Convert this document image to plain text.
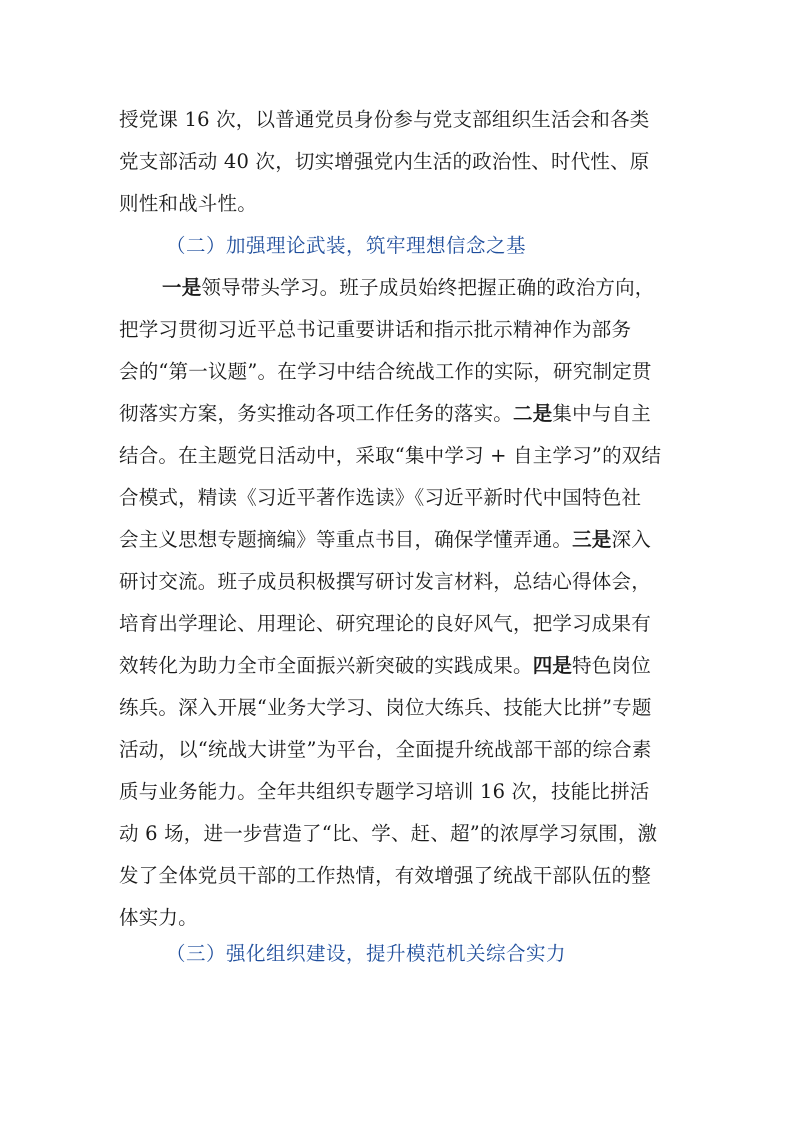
授党课 16 次，以普通党员身份参与党支部组织生活会和各类
党支部活动 40 次，切实增强党内生活的政治性、时代性、原
则性和战斗性。
（二）加强理论武装，筑牢理想信念之基
一是领导带头学习。班子成员始终把握正确的政治方向，
把学习贯彻习近平总书记重要讲话和指示批示精神作为部务
会的“第一议题”。在学习中结合统战工作的实际，研究制定贯
彻落实方案，务实推动各项工作任务的落实。二是集中与自主
结合。在主题党日活动中，采取“集中学习 + 自主学习”的双结
合模式，精读《习近平著作选读》《习近平新时代中国特色社
会主义思想专题摘编》等重点书目，确保学懂弄通。三是深入
研讨交流。班子成员积极撰写研讨发言材料，总结心得体会，
培育出学理论、用理论、研究理论的良好风气，把学习成果有
效转化为助力全市全面振兴新突破的实践成果。四是特色岗位
练兵。深入开展“业务大学习、岗位大练兵、技能大比拼”专题
活动，以“统战大讲堂”为平台，全面提升统战部干部的综合素
质与业务能力。全年共组织专题学习培训 16 次，技能比拼活
动 6 场，进一步营造了“比、学、赶、超”的浓厚学习氛围，激
发了全体党员干部的工作热情，有效增强了统战干部队伍的整
体实力。
（三）强化组织建设，提升模范机关综合实力
